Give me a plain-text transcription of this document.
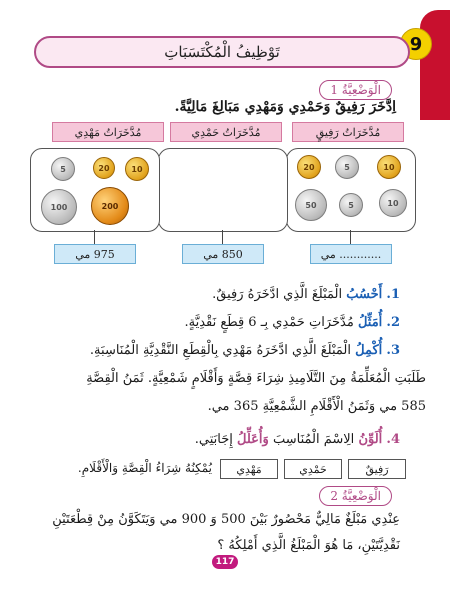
9
تَوْظِيفُ الْمُكْتَسَبَاتِ
الْوَضْعِيَّةُ 1
اِدَّخَرَ رَفِيقٌ وَحَمْدِي وَمَهْدِي مَبَالِغَ مَالِيَّةً.
مُدَّخَرَاتُ رَفِيقٍ
مُدَّخَرَاتُ حَمْدِي
مُدَّخَرَاتُ مَهْدِي
20	5	10
50	5	10
5	20	10
100	200
............ مي
850 مي
975 مي
1. أَحْسُبُ الْمَبْلَغَ الَّذِي ادَّخَرَهُ رَفِيقٌ.
2. أُمَثِّلُ مُدَّخَرَاتِ حَمْدِي بِـ 6 قِطَعٍ نَقْدِيَّةٍ.
3. أُكْمِلُ الْمَبْلَغَ الَّذِي ادَّخَرَهُ مَهْدِي بِالْقِطَعِ النَّقْدِيَّةِ الْمُنَاسِبَةِ.
طَلَبَتِ الْمُعَلِّمَةُ مِنَ التَّلَامِيذِ شِرَاءَ قِصَّةٍ وَأَقْلَامٍ شَمْعِيَّةٍ. ثَمَنُ الْقِصَّةِ
585 مي وَثَمَنُ الْأَقْلَامِ الشَّمْعِيَّةِ 365 مي.
4. أُلَوِّنُ الِاسْمَ الْمُنَاسِبَ وَأُعَلِّلُ إِجَابَتِي.
رَفِيقٌ
حَمْدِي
مَهْدِي
يُمْكِنُهُ شِرَاءُ الْقِصَّةِ وَالْأَقْلَامِ.
الْوَضْعِيَّةُ 2
عِنْدِي مَبْلَغٌ مَالِيٌّ مَحْصُورٌ بَيْنَ 500 وَ 900 مي وَيَتَكَوَّنُ مِنْ قِطْعَتَيْنِ
نَقْدِيَّتَيْنِ، مَا هُوَ الْمَبْلَغُ الَّذِي أَمْلِكُهُ ؟
117
